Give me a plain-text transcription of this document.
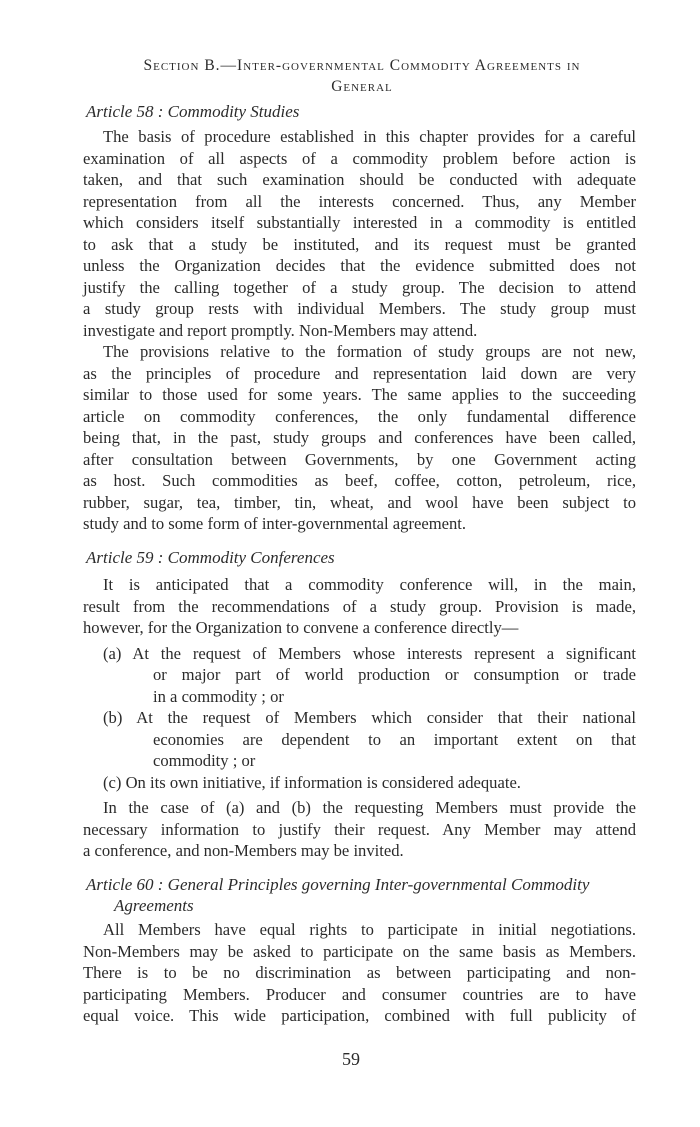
Section B.—Inter-governmental Commodity Agreements in
General
Article 58 : Commodity Studies

The basis of procedure established in this chapter provides for a careful

examination of all aspects of a commodity problem before action is

taken, and that such examination should be conducted with adequate

representation from all the interests concerned. Thus, any Member

which considers itself substantially interested in a commodity is entitled

to ask that a study be instituted, and its request must be granted

unless the Organization decides that the evidence submitted does not

justify the calling together of a study group. The decision to attend

a study group rests with individual Members. The study group must

investigate and report promptly. Non-Members may attend.

The provisions relative to the formation of study groups are not new,

as the principles of procedure and representation laid down are very

similar to those used for some years. The same applies to the succeeding

article on commodity conferences, the only fundamental difference

being that, in the past, study groups and conferences have been called,

after consultation between Governments, by one Government acting

as host. Such commodities as beef, coffee, cotton, petroleum, rice,

rubber, sugar, tea, timber, tin, wheat, and wool have been subject to

study and to some form of inter-governmental agreement.

Article 59 : Commodity Conferences

It is anticipated that a commodity conference will, in the main,

result from the recommendations of a study group. Provision is made,

however, for the Organization to convene a conference directly—

(a) At the request of Members whose interests represent a significant

or major part of world production or consumption or trade

in a commodity ; or

(b) At the request of Members which consider that their national

economies are dependent to an important extent on that

commodity ; or

(c) On its own initiative, if information is considered adequate.

In the case of (a) and (b) the requesting Members must provide the

necessary information to justify their request. Any Member may attend

a conference, and non-Members may be invited.

Article 60 : General Principles governing Inter-governmental Commodity
Agreements

All Members have equal rights to participate in initial negotiations.

Non-Members may be asked to participate on the same basis as Members.

There is to be no discrimination as between participating and non-

participating Members. Producer and consumer countries are to have

equal voice. This wide participation, combined with full publicity of

59
